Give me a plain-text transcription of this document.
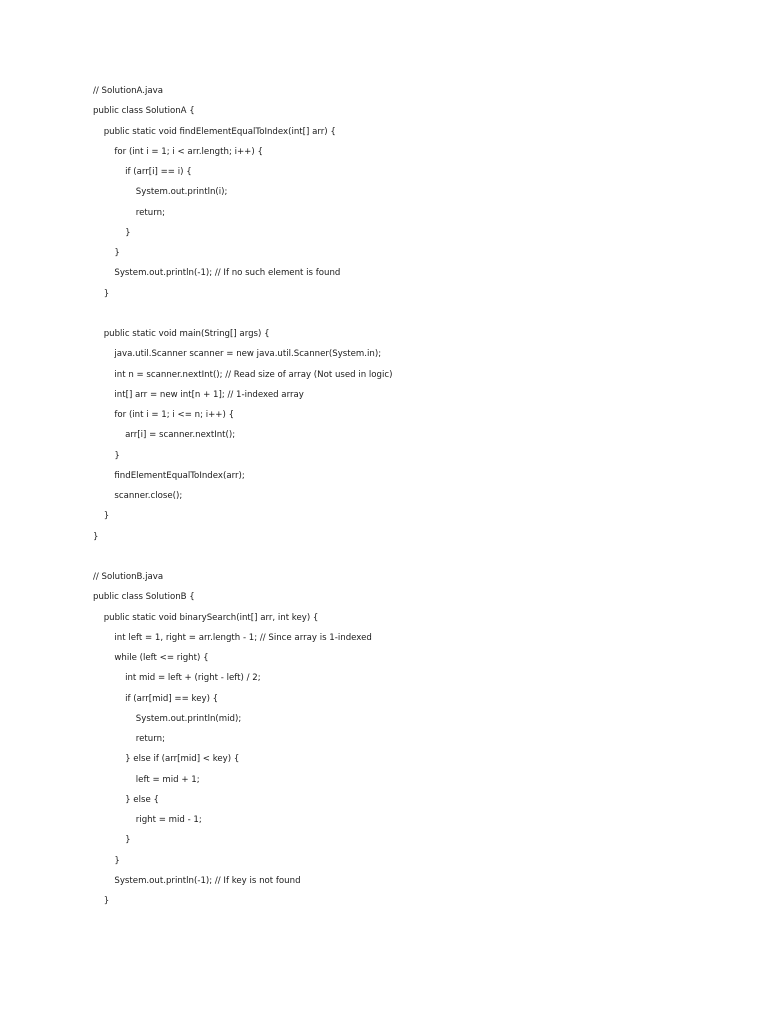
// SolutionA.java
public class SolutionA {
public static void findElementEqualToIndex(int[] arr) {
for (int i = 1; i < arr.length; i++) {
if (arr[i] == i) {
System.out.println(i);
return;
}
}
System.out.println(-1); // If no such element is found
}
public static void main(String[] args) {
java.util.Scanner scanner = new java.util.Scanner(System.in);
int n = scanner.nextInt(); // Read size of array (Not used in logic)
int[] arr = new int[n + 1]; // 1-indexed array
for (int i = 1; i <= n; i++) {
arr[i] = scanner.nextInt();
}
findElementEqualToIndex(arr);
scanner.close();
}
}
// SolutionB.java
public class SolutionB {
public static void binarySearch(int[] arr, int key) {
int left = 1, right = arr.length - 1; // Since array is 1-indexed
while (left <= right) {
int mid = left + (right - left) / 2;
if (arr[mid] == key) {
System.out.println(mid);
return;
} else if (arr[mid] < key) {
left = mid + 1;
} else {
right = mid - 1;
}
}
System.out.println(-1); // If key is not found
}
